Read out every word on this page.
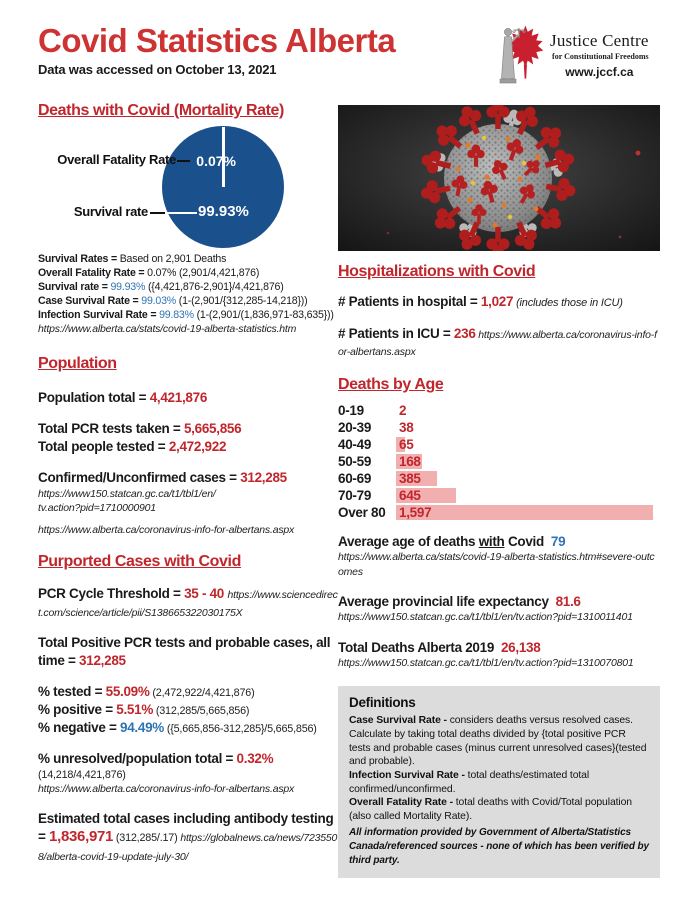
Covid Statistics Alberta
Data was accessed on October 13, 2021
Justice Centre
for Constitutional Freedoms
www.jccf.ca
Deaths with Covid (Mortality Rate)
Overall Fatality Rate	0.07%
Survival rate	99.93%
Survival Rates = Based on 2,901 Deaths
Overall Fatality Rate = 0.07% (2,901/4,421,876)
Survival rate = 99.93% ({4,421,876-2,901}/4,421,876)
Case Survival Rate = 99.03% (1-(2,901/{312,285-14,218}))
Infection Survival Rate = 99.83% (1-(2,901/(1,836,971-83,635}))
https://www.alberta.ca/stats/covid-19-alberta-statistics.htm
Population
Population total = 4,421,876
Total PCR tests taken = 5,665,856
Total people tested = 2,472,922
Confirmed/Unconfirmed cases = 312,285
https://www150.statcan.gc.ca/t1/tbl1/en/
tv.action?pid=1710000901
https://www.alberta.ca/coronavirus-info-for-albertans.aspx
Purported Cases with Covid
PCR Cycle Threshold = 35 - 40 https://www.sciencedirect.com/science/article/pii/S138665322030175X
Total Positive PCR tests and probable cases, all time = 312,285
% tested = 55.09% (2,472,922/4,421,876)
% positive = 5.51% (312,285/5,665,856)
% negative = 94.49% ({5,665,856-312,285}/5,665,856)
% unresolved/population total = 0.32%
(14,218/4,421,876)
https://www.alberta.ca/coronavirus-info-for-albertans.aspx
Estimated total cases including antibody testing = 1,836,971 (312,285/.17) https://globalnews.ca/news/7235508/alberta-covid-19-update-july-30/
Hospitalizations with Covid
# Patients in hospital = 1,027 (includes those in ICU)
# Patients in ICU = 236 https://www.alberta.ca/coronavirus-info-for-albertans.aspx
Deaths by Age
0-19	2
20-39	38
40-49	65
50-59	168
60-69	385
70-79	645
Over 80	1,597
Average age of deaths with Covid 79
https://www.alberta.ca/stats/covid-19-alberta-statistics.htm#severe-outcomes
Average provincial life expectancy 81.6
https://www150.statcan.gc.ca/t1/tbl1/en/tv.action?pid=1310011401
Total Deaths Alberta 2019 26,138
https://www150.statcan.gc.ca/t1/tbl1/en/tv.action?pid=1310070801
Definitions
Case Survival Rate - considers deaths versus resolved cases. Calculate by taking total deaths divided by {total positive PCR tests and probable cases (minus current unresolved cases}(tested and probable).
Infection Survival Rate - total deaths/estimated total confirmed/unconfirmed.
Overall Fatality Rate - total deaths with Covid/Total population (also called Mortality Rate).
All information provided by Government of Alberta/Statistics Canada/referenced sources - none of which has been verified by third party.
